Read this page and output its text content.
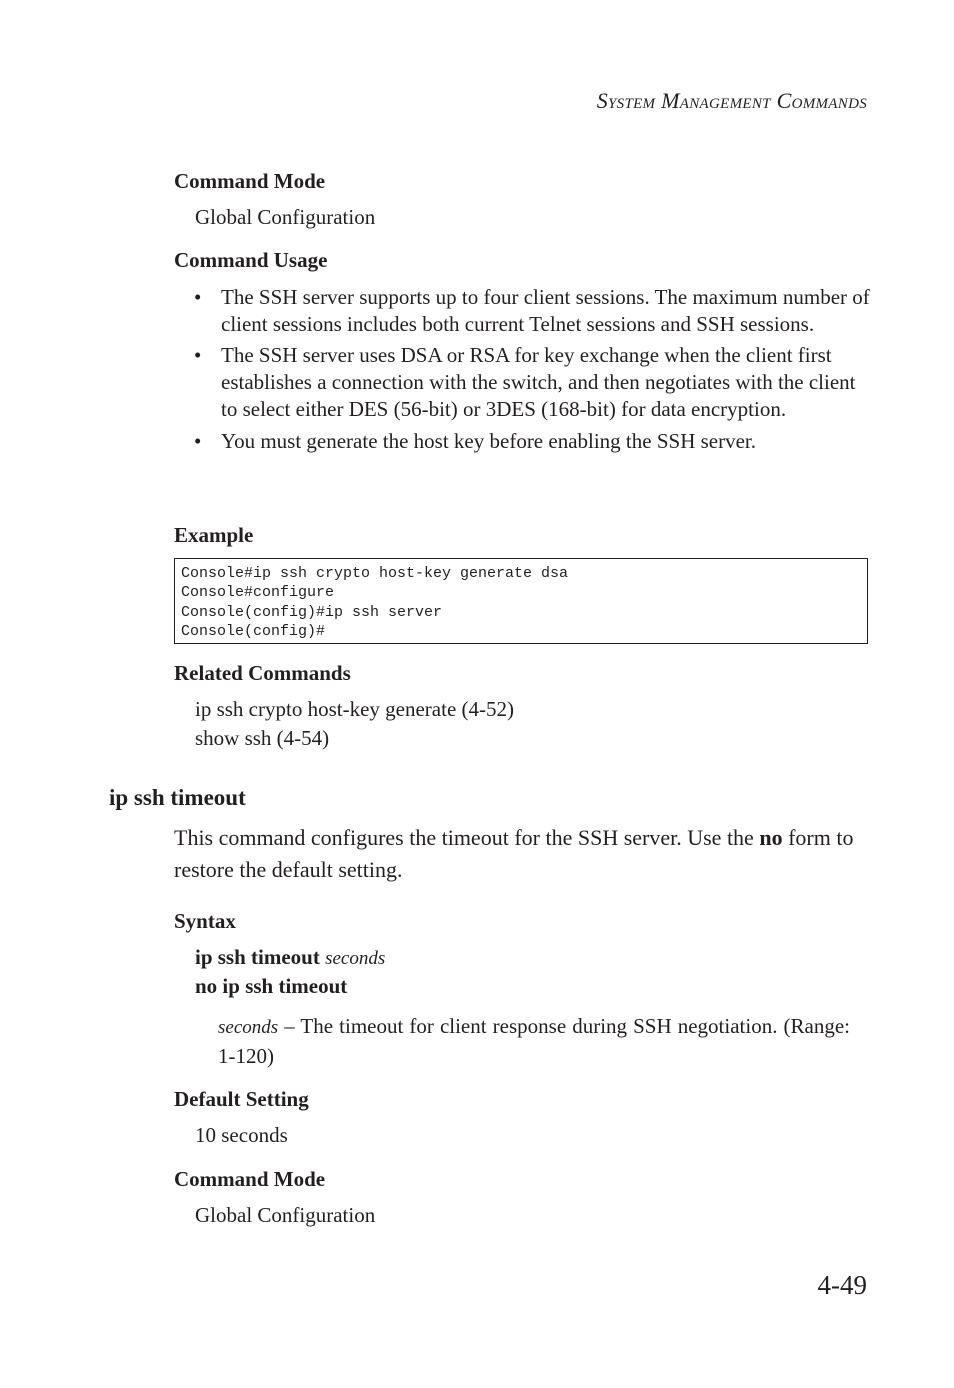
System Management Commands
Command Mode
Global Configuration
Command Usage
• The SSH server supports up to four client sessions. The maximum number of client sessions includes both current Telnet sessions and SSH sessions.
• The SSH server uses DSA or RSA for key exchange when the client first establishes a connection with the switch, and then negotiates with the client to select either DES (56-bit) or 3DES (168-bit) for data encryption.
• You must generate the host key before enabling the SSH server.
Example
Console#ip ssh crypto host-key generate dsa
Console#configure
Console(config)#ip ssh server
Console(config)#
Related Commands
ip ssh crypto host-key generate (4-52)
show ssh (4-54)
ip ssh timeout
This command configures the timeout for the SSH server. Use the no form to restore the default setting.
Syntax
ip ssh timeout seconds
no ip ssh timeout
seconds – The timeout for client response during SSH negotiation. (Range: 1-120)
Default Setting
10 seconds
Command Mode
Global Configuration
4-49
